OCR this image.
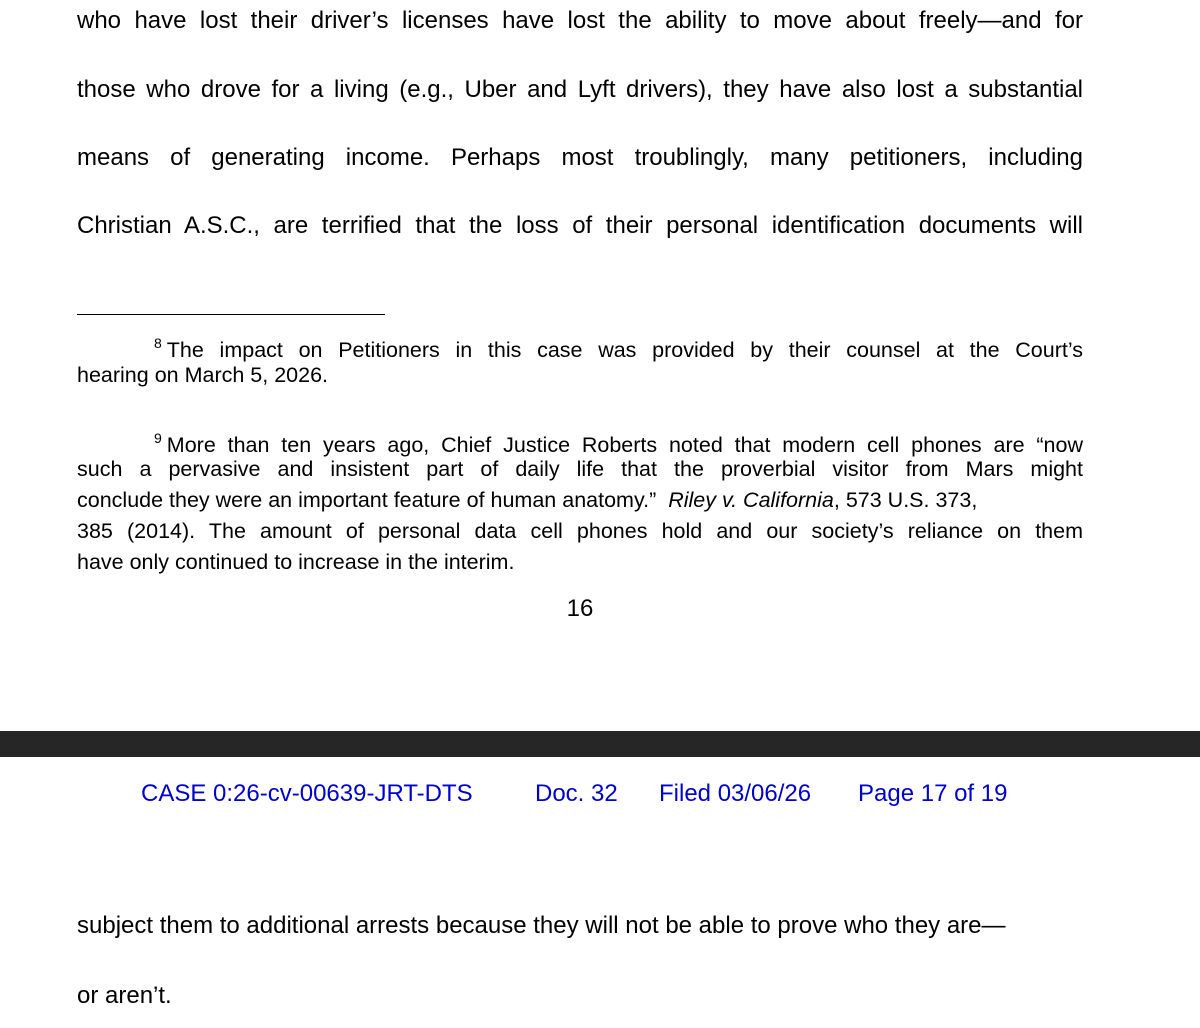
who have lost their driver’s licenses have lost the ability to move about freely—and for
those who drove for a living (e.g., Uber and Lyft drivers), they have also lost a substantial
means of generating income. Perhaps most troublingly, many petitioners, including
Christian A.S.C., are terrified that the loss of their personal identification documents will
$^8$ The impact on Petitioners in this case was provided by their counsel at the Court’s
hearing on March 5, 2026.
$^9$ More than ten years ago, Chief Justice Roberts noted that modern cell phones are “now
such a pervasive and insistent part of daily life that the proverbial visitor from Mars might
conclude they were an important feature of human anatomy.”  Riley v. California, 573 U.S. 373,
385 (2014). The amount of personal data cell phones hold and our society’s reliance on them
have only continued to increase in the interim.
16
CASE 0:26-cv-00639-JRT-DTS	Doc. 32 Filed 03/06/26 Page 17 of 19
subject them to additional arrests because they will not be able to prove who they are—
or aren’t.
